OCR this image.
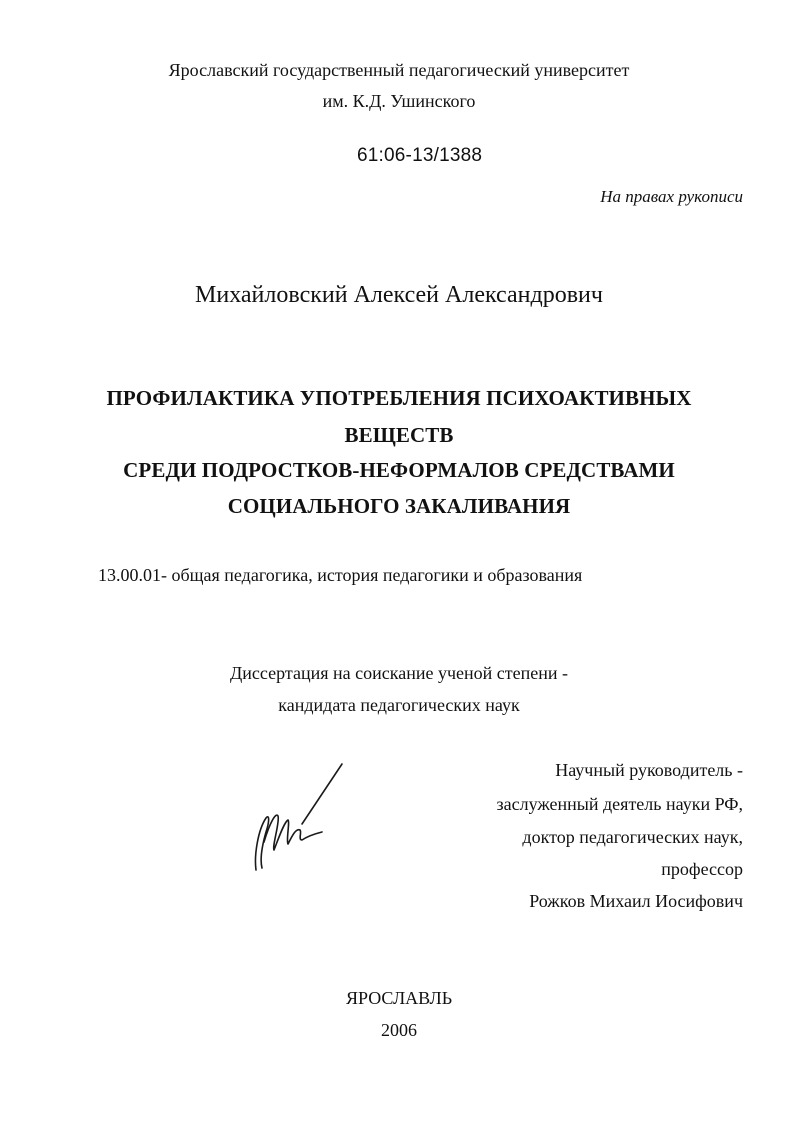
Ярославский государственный педагогический университет
им. К.Д. Ушинского
61:06-13/1388
На правах рукописи
Михайловский Алексей Александрович
ПРОФИЛАКТИКА УПОТРЕБЛЕНИЯ ПСИХОАКТИВНЫХ
ВЕЩЕСТВ
СРЕДИ ПОДРОСТКОВ-НЕФОРМАЛОВ СРЕДСТВАМИ
СОЦИАЛЬНОГО ЗАКАЛИВАНИЯ
13.00.01- общая педагогика, история педагогики и образования
Диссертация на соискание ученой степени -
кандидата педагогических наук
Научный руководитель -
заслуженный деятель науки РФ,
доктор педагогических наук,
профессор
Рожков Михаил Иосифович
ЯРОСЛАВЛЬ
2006
